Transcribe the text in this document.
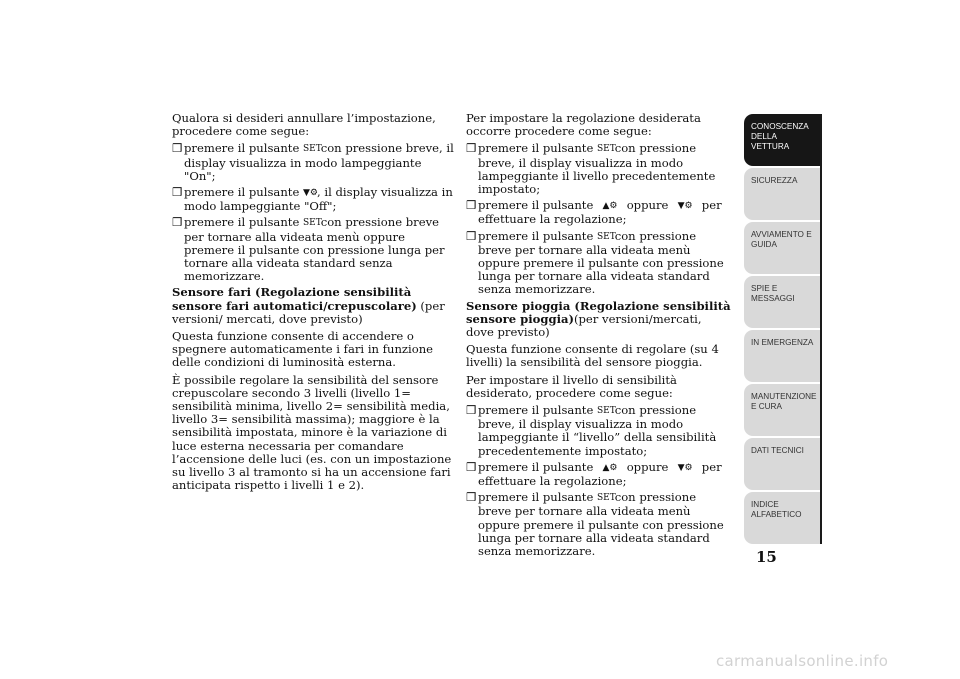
Qualora si desideri annullare l’impostazione, procedere come segue:

❒ premere il pulsante SET con pressione breve, il display visualizza in modo lampeggiante "On";

❒ premere il pulsante ▼⚙, il display visualizza in modo lampeggiante "Off";

❒ premere il pulsante SET con pressione breve per tornare alla videata menù oppure premere il pulsante con pressione lunga per tornare alla videata standard senza memorizzare.

Sensore fari (Regolazione sensibilità sensore fari automatici/crepuscolare) (per versioni/ mercati, dove previsto)

Questa funzione consente di accendere o spegnere automaticamente i fari in funzione delle condizioni di luminosità esterna.

È possibile regolare la sensibilità del sensore crepuscolare secondo 3 livelli (livello 1= sensibilità minima, livello 2= sensibilità media, livello 3= sensibilità massima); maggiore è la sensibilità impostata, minore è la variazione di luce esterna necessaria per comandare l’accensione delle luci (es. con un impostazione su livello 3 al tramonto si ha un accensione fari anticipata rispetto i livelli 1 e 2).

Per impostare la regolazione desiderata occorre procedere come segue:

❒ premere il pulsante SET con pressione breve, il display visualizza in modo lampeggiante il livello precedentemente impostato;

❒ premere il pulsante ▲⚙ oppure ▼⚙ per effettuare la regolazione;

❒ premere il pulsante SET con pressione breve per tornare alla videata menù oppure premere il pulsante con pressione lunga per tornare alla videata standard senza memorizzare.

Sensore pioggia (Regolazione sensibilità sensore pioggia)(per versioni/mercati, dove previsto)

Questa funzione consente di regolare (su 4 livelli) la sensibilità del sensore pioggia.

Per impostare il livello di sensibilità desiderato, procedere come segue:

❒ premere il pulsante SET con pressione breve, il display visualizza in modo lampeggiante il “livello” della sensibilità precedentemente impostato;

❒ premere il pulsante ▲⚙ oppure ▼⚙ per effettuare la regolazione;

❒ premere il pulsante SET con pressione breve per tornare alla videata menù oppure premere il pulsante con pressione lunga per tornare alla videata standard senza memorizzare.

CONOSCENZA DELLA VETTURA
SICUREZZA
AVVIAMENTO E GUIDA
SPIE E MESSAGGI
IN EMERGENZA
MANUTENZIONE E CURA
DATI TECNICI
INDICE ALFABETICO
15
carmanualsonline.info
